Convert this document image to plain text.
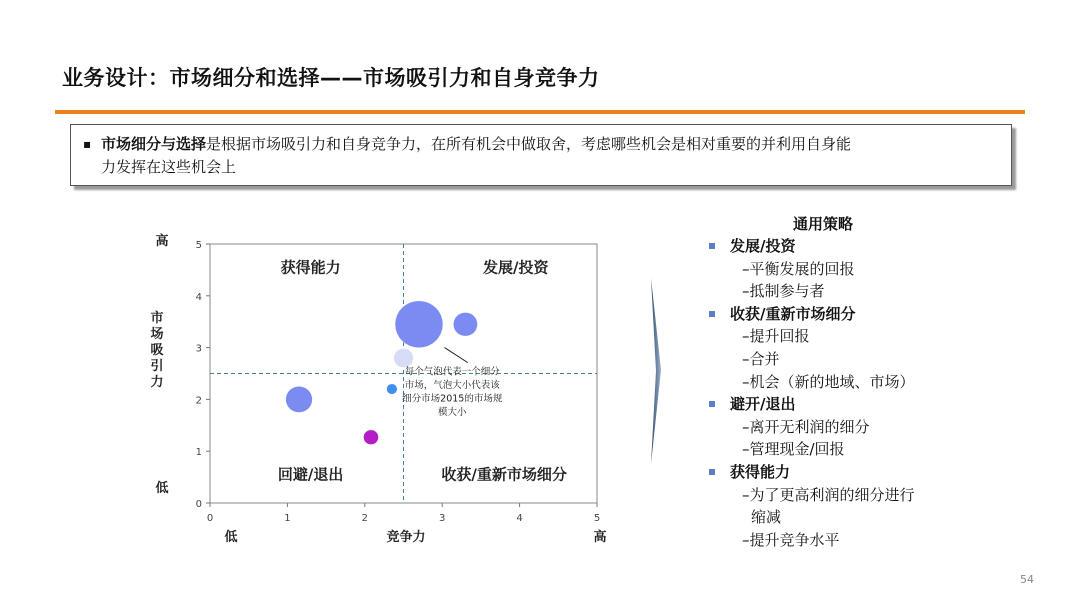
业务设计：市场细分和选择——市场吸引力和自身竞争力
▪ 市场细分与选择是根据市场吸引力和自身竞争力，在所有机会中做取舍，考虑哪些机会是相对重要的并利用自身能
力发挥在这些机会上
0	1	2	3	4	5
0
1
2
3
4
5
获得能力	发展/投资
回避/退出	收获/重新市场细分
每个气泡代表一个细分
市场，气泡大小代表该
细分市场2015的市场规
模大小
高
低
低	高
竞争力
市
场
吸
引
力
通用策略
发展/投资
–平衡发展的回报
–抵制参与者
收获/重新市场细分
–提升回报
–合并
–机会（新的地域、市场）
避开/退出
–离开无利润的细分
–管理现金/回报
获得能力
–为了更高利润的细分进行
缩减
–提升竞争水平
54
